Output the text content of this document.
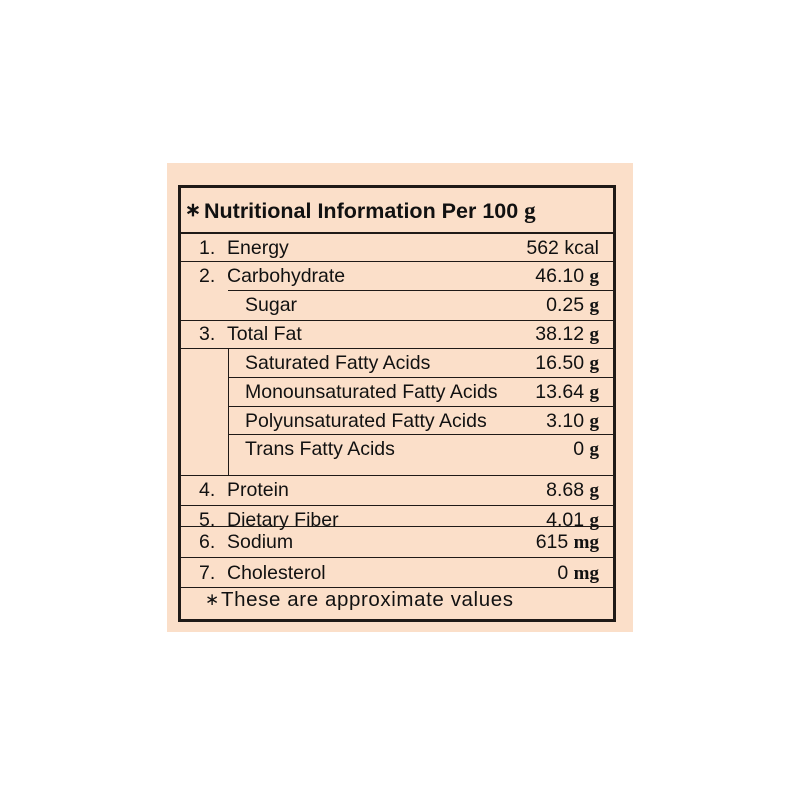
∗ Nutritional Information Per 100 g
1. Energy	562 kcal
2. Carbohydrate	46.10 g
Sugar	0.25 g
3. Total Fat	38.12 g
Saturated Fatty Acids	16.50 g
Monounsaturated Fatty Acids 13.64 g
Polyunsaturated Fatty Acids	3.10 g
Trans Fatty Acids	0 g
4. Protein	8.68 g
5. Dietary Fiber	4.01 g
6. Sodium	615 mg
7. Cholesterol	0 mg
∗ These are approximate values
